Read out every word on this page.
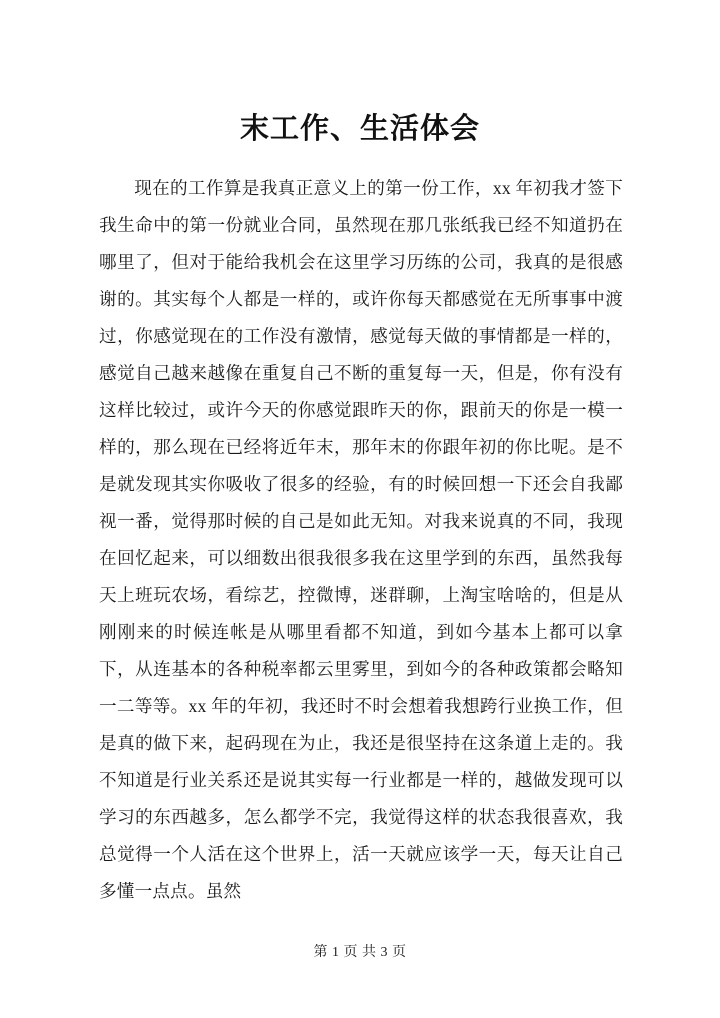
末工作、生活体会

现在的工作算是我真正意义上的第一份工作，xx 年初我才签下我生命中的第一份就业合同，虽然现在那几张纸我已经不知道扔在哪里了，但对于能给我机会在这里学习历练的公司，我真的是很感谢的。其实每个人都是一样的，或许你每天都感觉在无所事事中渡过，你感觉现在的工作没有激情，感觉每天做的事情都是一样的，感觉自己越来越像在重复自己不断的重复每一天，但是，你有没有这样比较过，或许今天的你感觉跟昨天的你，跟前天的你是一模一样的，那么现在已经将近年末，那年末的你跟年初的你比呢。是不是就发现其实你吸收了很多的经验，有的时候回想一下还会自我鄙视一番，觉得那时候的自己是如此无知。对我来说真的不同，我现在回忆起来，可以细数出很我很多我在这里学到的东西，虽然我每天上班玩农场，看综艺，控微博，迷群聊，上淘宝啥啥的，但是从刚刚来的时候连帐是从哪里看都不知道，到如今基本上都可以拿下，从连基本的各种税率都云里雾里，到如今的各种政策都会略知一二等等。xx 年的年初，我还时不时会想着我想跨行业换工作，但是真的做下来，起码现在为止，我还是很坚持在这条道上走的。我不知道是行业关系还是说其实每一行业都是一样的，越做发现可以学习的东西越多，怎么都学不完，我觉得这样的状态我很喜欢，我总觉得一个人活在这个世界上，活一天就应该学一天，每天让自己多懂一点点。虽然

第 1 页 共 3 页
